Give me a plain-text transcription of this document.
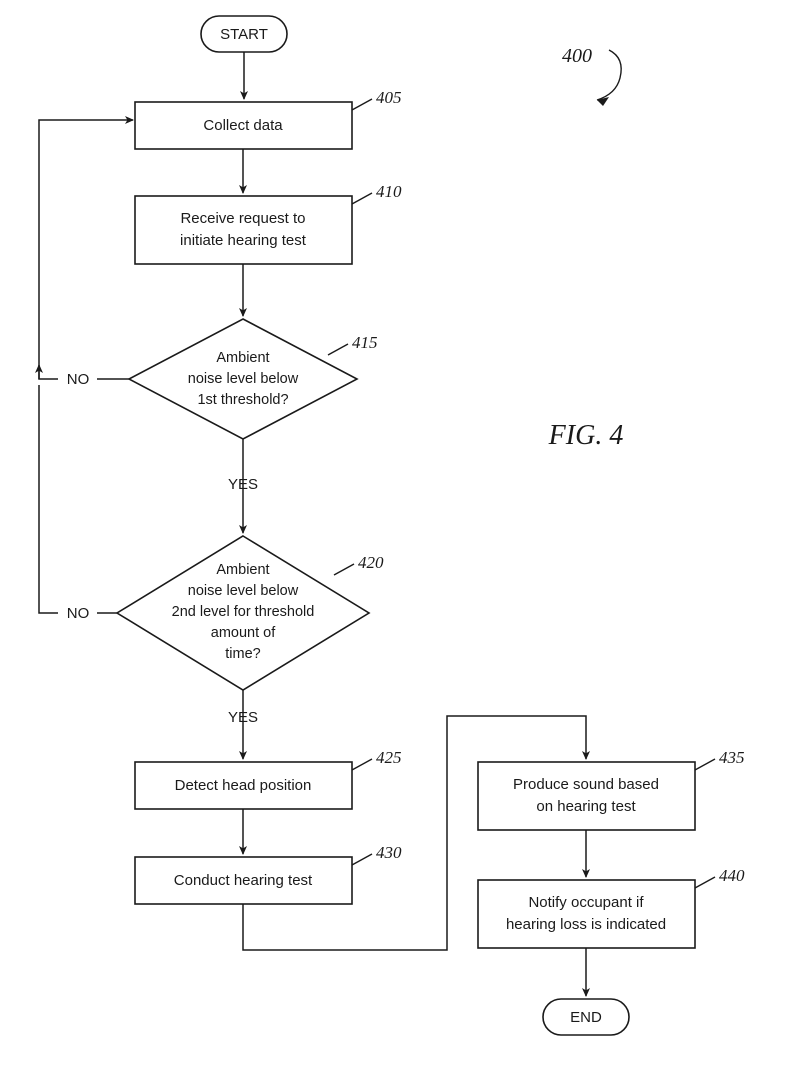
START
Collect data
405
Receive request to
initiate hearing test
410
Ambient
noise level below
1st threshold?
415
NO
YES
Ambient
noise level below
2nd level for threshold
amount of
time?
420
NO
YES
Detect head position
425
Conduct hearing test
430
Produce sound based
on hearing test
435
Notify occupant if
hearing loss is indicated
440
END
400
FIG. 4
